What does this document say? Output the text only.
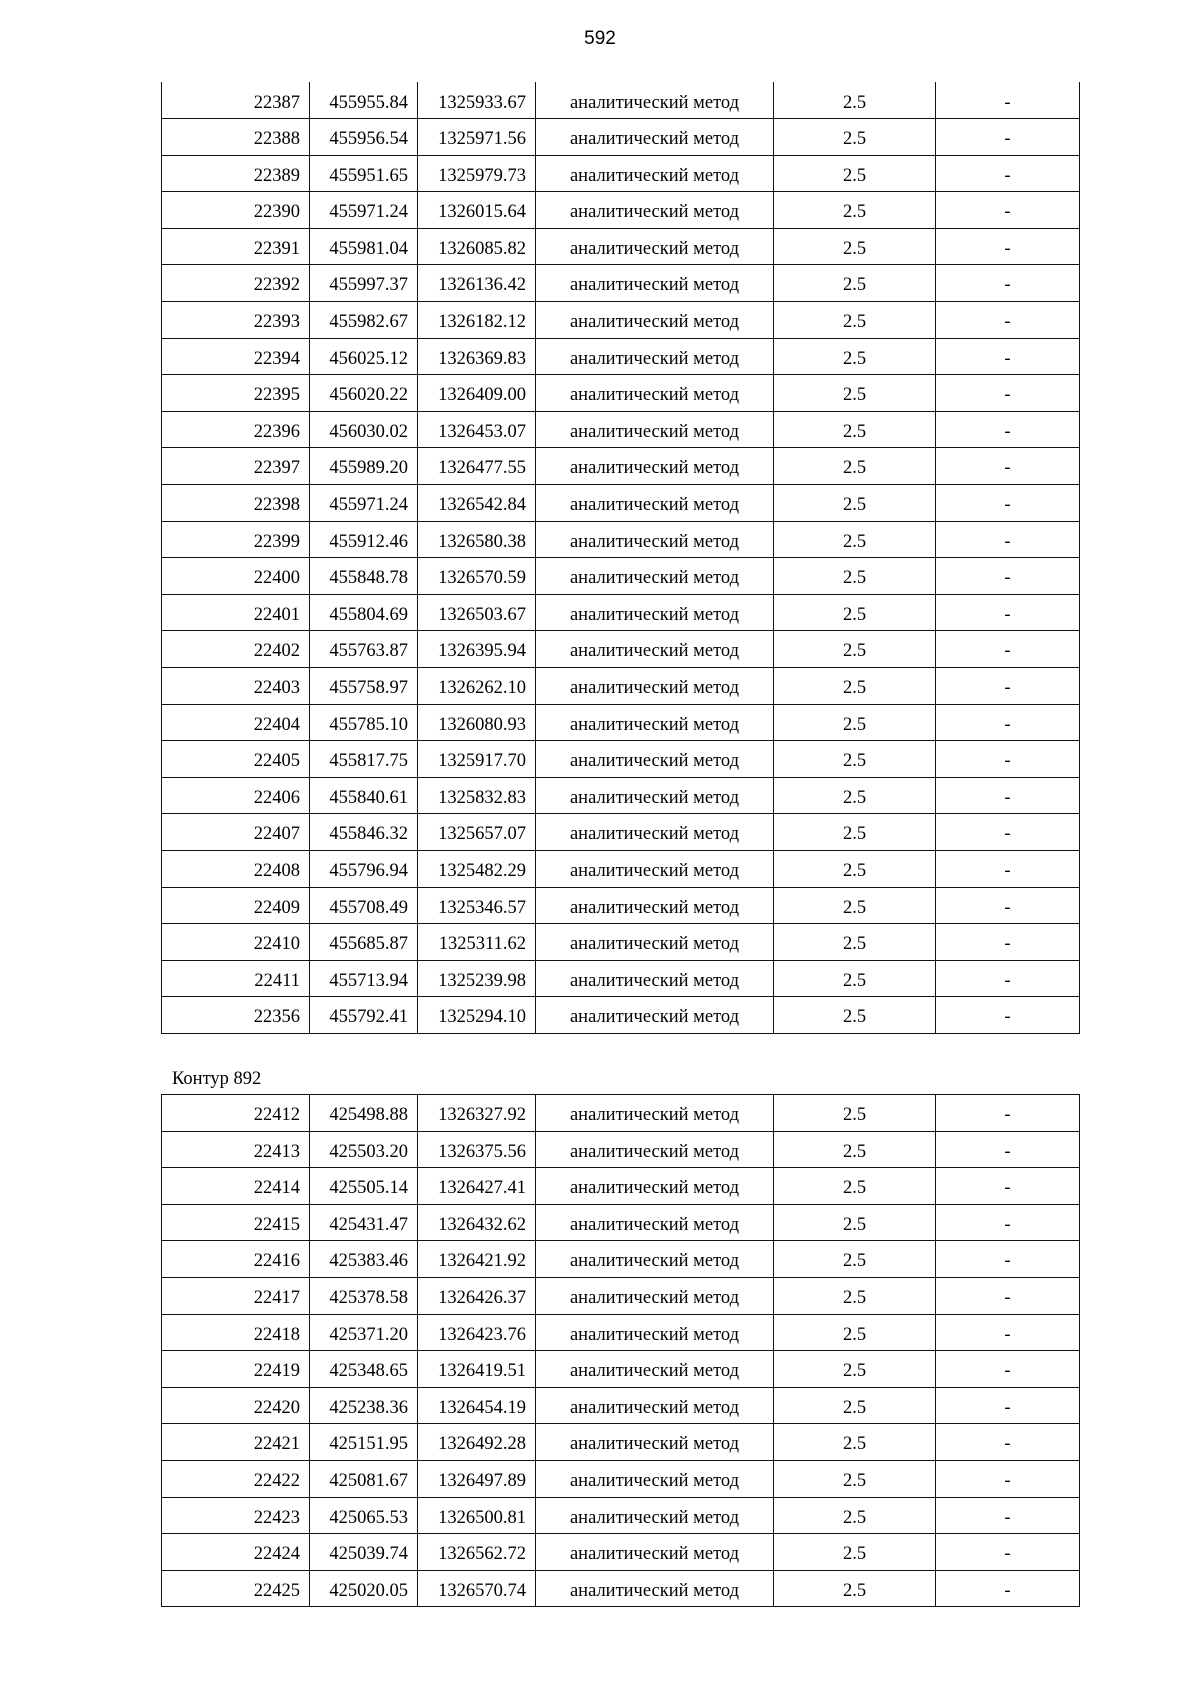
592
22387	455955.84	1325933.67	аналитический метод	2.5	-
22388	455956.54	1325971.56	аналитический метод	2.5	-
22389	455951.65	1325979.73	аналитический метод	2.5	-
22390	455971.24	1326015.64	аналитический метод	2.5	-
22391	455981.04	1326085.82	аналитический метод	2.5	-
22392	455997.37	1326136.42	аналитический метод	2.5	-
22393	455982.67	1326182.12	аналитический метод	2.5	-
22394	456025.12	1326369.83	аналитический метод	2.5	-
22395	456020.22	1326409.00	аналитический метод	2.5	-
22396	456030.02	1326453.07	аналитический метод	2.5	-
22397	455989.20	1326477.55	аналитический метод	2.5	-
22398	455971.24	1326542.84	аналитический метод	2.5	-
22399	455912.46	1326580.38	аналитический метод	2.5	-
22400	455848.78	1326570.59	аналитический метод	2.5	-
22401	455804.69	1326503.67	аналитический метод	2.5	-
22402	455763.87	1326395.94	аналитический метод	2.5	-
22403	455758.97	1326262.10	аналитический метод	2.5	-
22404	455785.10	1326080.93	аналитический метод	2.5	-
22405	455817.75	1325917.70	аналитический метод	2.5	-
22406	455840.61	1325832.83	аналитический метод	2.5	-
22407	455846.32	1325657.07	аналитический метод	2.5	-
22408	455796.94	1325482.29	аналитический метод	2.5	-
22409	455708.49	1325346.57	аналитический метод	2.5	-
22410	455685.87	1325311.62	аналитический метод	2.5	-
22411	455713.94	1325239.98	аналитический метод	2.5	-
22356	455792.41	1325294.10	аналитический метод	2.5	-
Контур 892
22412	425498.88	1326327.92	аналитический метод	2.5	-
22413	425503.20	1326375.56	аналитический метод	2.5	-
22414	425505.14	1326427.41	аналитический метод	2.5	-
22415	425431.47	1326432.62	аналитический метод	2.5	-
22416	425383.46	1326421.92	аналитический метод	2.5	-
22417	425378.58	1326426.37	аналитический метод	2.5	-
22418	425371.20	1326423.76	аналитический метод	2.5	-
22419	425348.65	1326419.51	аналитический метод	2.5	-
22420	425238.36	1326454.19	аналитический метод	2.5	-
22421	425151.95	1326492.28	аналитический метод	2.5	-
22422	425081.67	1326497.89	аналитический метод	2.5	-
22423	425065.53	1326500.81	аналитический метод	2.5	-
22424	425039.74	1326562.72	аналитический метод	2.5	-
22425	425020.05	1326570.74	аналитический метод	2.5	-
